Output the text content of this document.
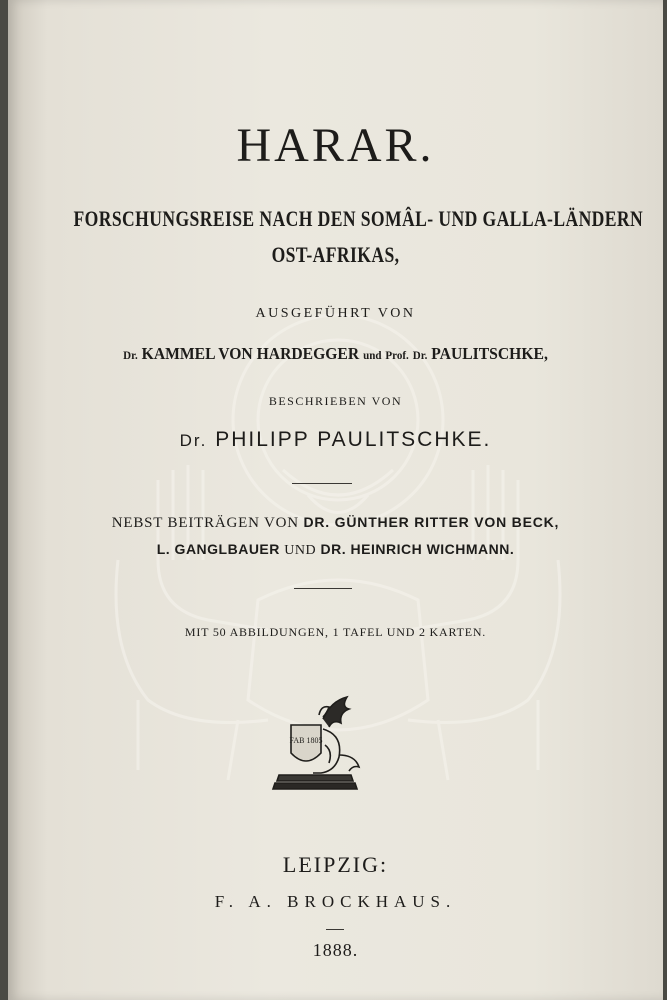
HARAR.
FORSCHUNGSREISE NACH DEN SOMÂL- UND GALLA-LÄNDERN
OST-AFRIKAS,
AUSGEFÜHRT VON
Dr. KAMMEL VON HARDEGGER und Prof. Dr. PAULITSCHKE,
BESCHRIEBEN VON
Dr. PHILIPP PAULITSCHKE.
NEBST BEITRÄGEN VON DR. GÜNTHER RITTER VON BECK,
L. GANGLBAUER UND DR. HEINRICH WICHMANN.
MIT 50 ABBILDUNGEN, 1 TAFEL UND 2 KARTEN.
FAB 1805
LEIPZIG:
F. A. BROCKHAUS.
1888.
